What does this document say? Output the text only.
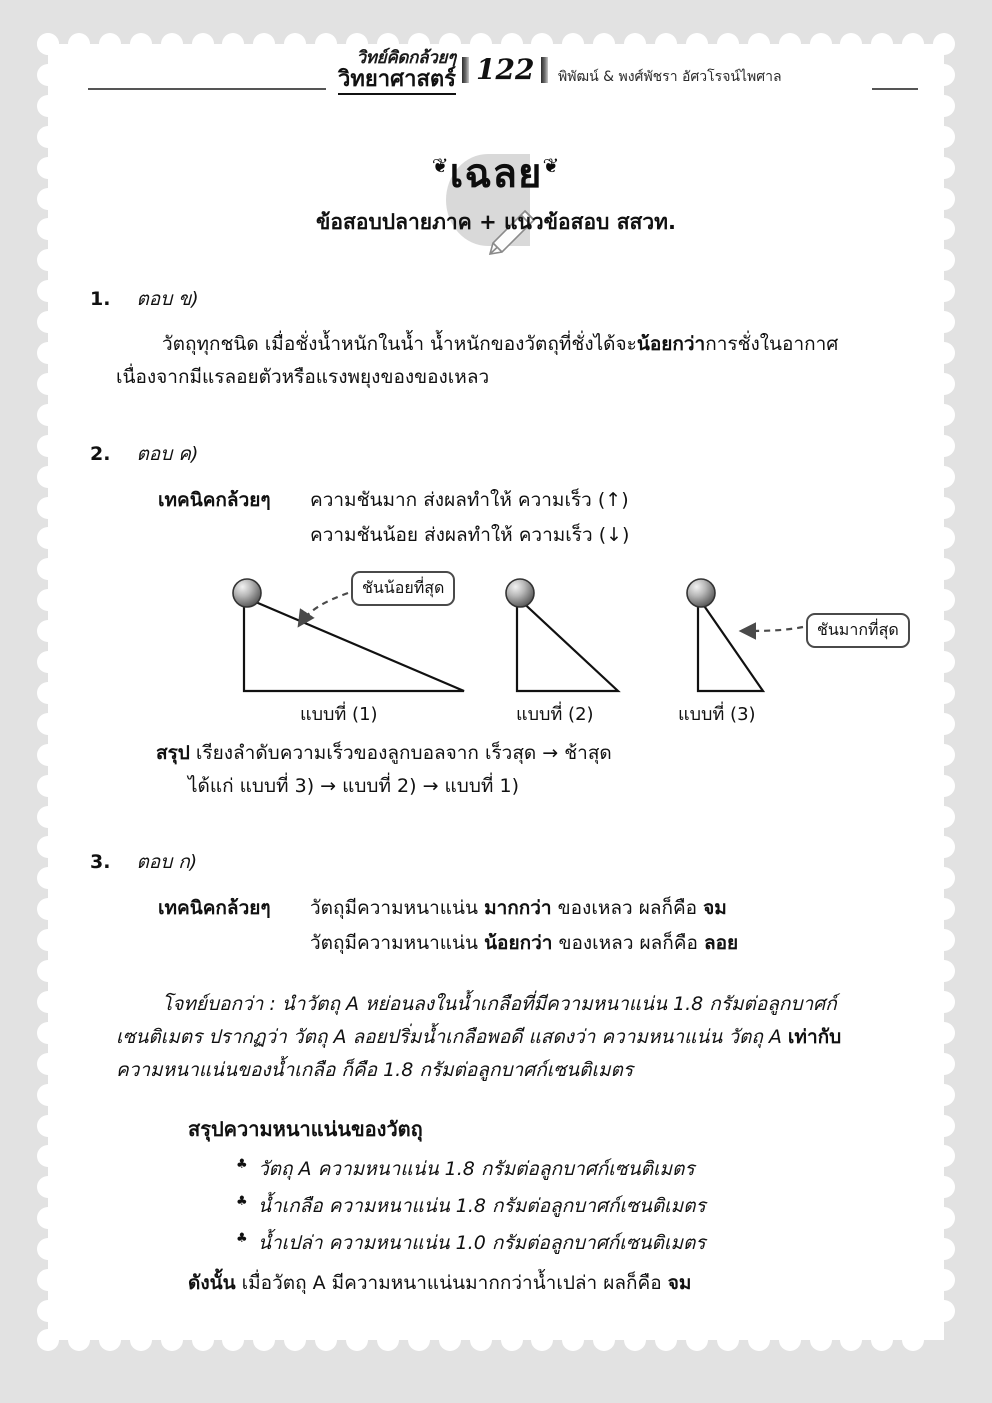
วิทย์คิดกล้วยๆ
วิทยาศาสตร์ 122 พิพัฒน์ & พงศ์พัชรา อัศวโรจน์ไพศาล
❦เฉลย❦
ข้อสอบปลายภาค + แนวข้อสอบ สสวท.
1. ตอบ ข)
วัตถุทุกชนิด เมื่อชั่งน้ำหนักในน้ำ น้ำหนักของวัตถุที่ชั่งได้จะน้อยกว่าการชั่งในอากาศ
เนื่องจากมีแรลอยตัวหรือแรงพยุงของของเหลว
2. ตอบ ค)
เทคนิคกล้วยๆ	ความชันมาก ส่งผลทำให้ ความเร็ว (↑)
ความชันน้อย ส่งผลทำให้ ความเร็ว (↓)
ชันน้อยที่สุด
ชันมากที่สุด
แบบที่ (1)	แบบที่ (2)	แบบที่ (3)
สรุป เรียงลำดับความเร็วของลูกบอลจาก เร็วสุด → ช้าสุด
ได้แก่ แบบที่ 3) → แบบที่ 2) → แบบที่ 1)
3. ตอบ ก)
เทคนิคกล้วยๆ	วัตถุมีความหนาแน่น มากกว่า ของเหลว ผลก็คือ จม
วัตถุมีความหนาแน่น น้อยกว่า ของเหลว ผลก็คือ ลอย
โจทย์บอกว่า : นำวัตถุ A หย่อนลงในน้ำเกลือที่มีความหนาแน่น 1.8 กรัมต่อลูกบาศก์
เซนติเมตร ปรากฏว่า วัตถุ A ลอยปริ่มน้ำเกลือพอดี แสดงว่า ความหนาแน่น วัตถุ A เท่ากับ
ความหนาแน่นของน้ำเกลือ ก็คือ 1.8 กรัมต่อลูกบาศก์เซนติเมตร
สรุปความหนาแน่นของวัตถุ
♣ วัตถุ A ความหนาแน่น 1.8 กรัมต่อลูกบาศก์เซนติเมตร
♣ น้ำเกลือ ความหนาแน่น 1.8 กรัมต่อลูกบาศก์เซนติเมตร
♣ น้ำเปล่า ความหนาแน่น 1.0 กรัมต่อลูกบาศก์เซนติเมตร
ดังนั้น เมื่อวัตถุ A มีความหนาแน่นมากกว่าน้ำเปล่า ผลก็คือ จม
